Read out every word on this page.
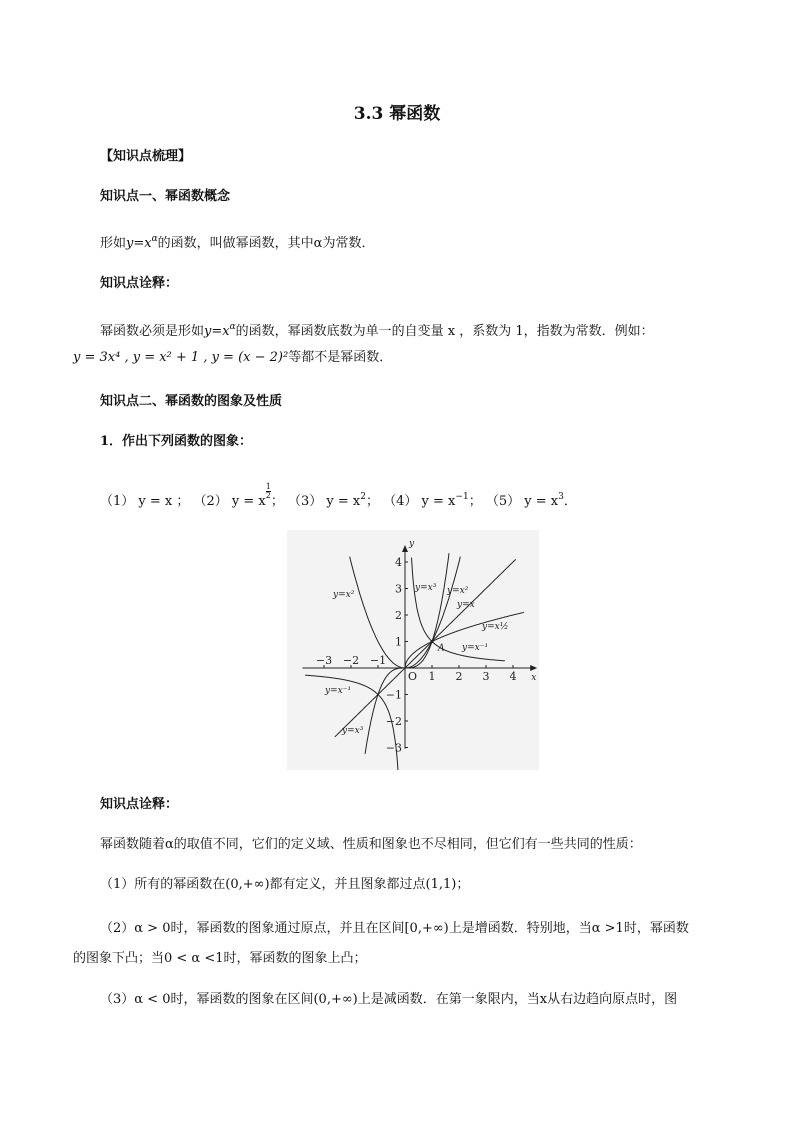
3.3 幂函数
【知识点梳理】
知识点一、幂函数概念
形如$y=x^\alpha$的函数，叫做幂函数，其中α为常数．
知识点诠释：
幂函数必须是形如$y=x^\alpha$的函数，幂函数底数为单一的自变量 x ，系数为 1，指数为常数．例如：
y = 3x⁴ , y = x² + 1 , y = (x − 2)²等都不是幂函数．
知识点二、幂函数的图象及性质
1．作出下列函数的图象：
（1） y = x ； （2） y = x
$\frac{1}{2}$
； （3） $y = x^2$； （4） $y = x^{-1}$； （5） $y = x^3$．
x
y
O
−3 −2 −1
1 2 3 4
4
3
2
1
−1
−2
−3
A
y=x²
y=x³ y=x²
y=x
y=x½
y=x⁻¹
y=x⁻¹
y=x³
知识点诠释：
幂函数随着α的取值不同，它们的定义域、性质和图象也不尽相同，但它们有一些共同的性质：
（1）所有的幂函数在(0,+∞)都有定义，并且图象都过点(1,1)；
（2）α > 0时，幂函数的图象通过原点，并且在区间[0,+∞)上是增函数．特别地，当α >1时，幂函数
的图象下凸；当0 < α <1时，幂函数的图象上凸；
（3）α < 0时，幂函数的图象在区间(0,+∞)上是减函数．在第一象限内，当x从右边趋向原点时，图
